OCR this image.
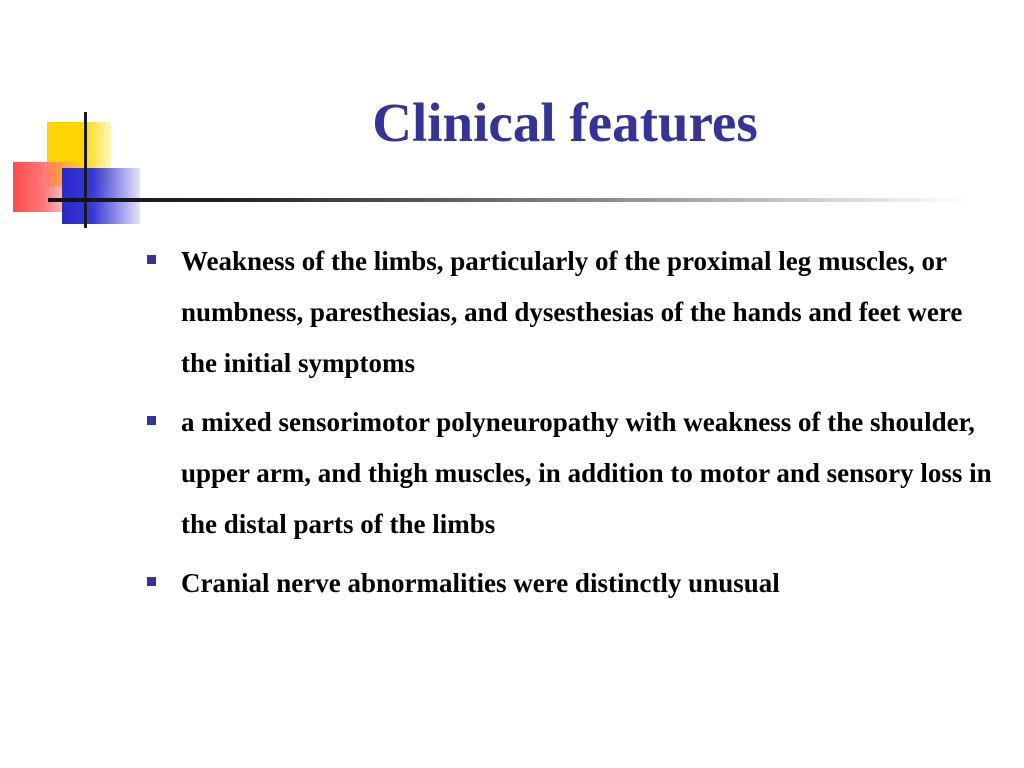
Clinical features
Weakness of the limbs, particularly of the proximal leg muscles, or numbness, paresthesias, and dysesthesias of the hands and feet were the initial symptoms
a mixed sensorimotor polyneuropathy with weakness of the shoulder, upper arm, and thigh muscles, in addition to motor and sensory loss in the distal parts of the limbs
Cranial nerve abnormalities were distinctly unusual
